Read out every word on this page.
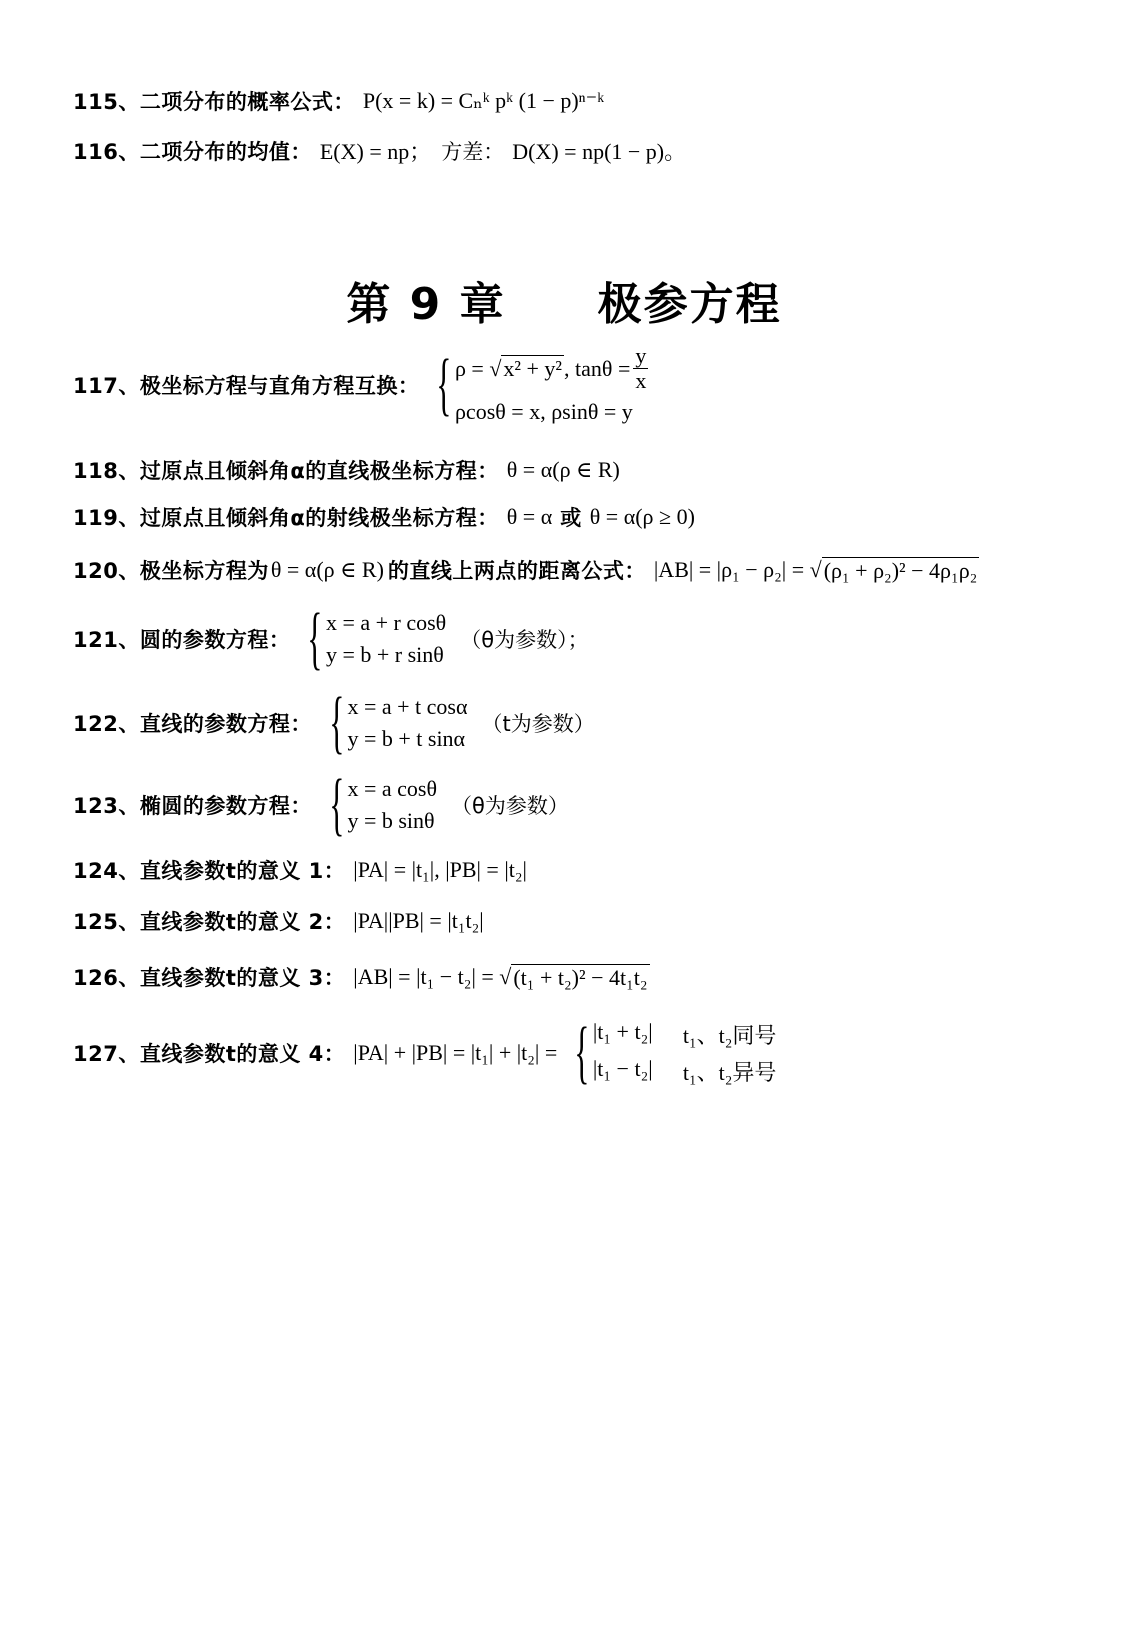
115、二项分布的概率公式： P(x = k) = Cₙᵏ pᵏ (1 − p)ⁿ⁻ᵏ
116、二项分布的均值： E(X) = np； 方差： D(X) = np(1 − p)。
第 9 章　　极参方程
117、极坐标方程与直角方程互换： { ρ = √ x² + y² , $\tan\theta = \frac{y}{x}$
ρcosθ = x, ρsinθ = y
118、过原点且倾斜角α的直线极坐标方程： θ = α(ρ ∈ R)
119、过原点且倾斜角α的射线极坐标方程： θ = α 或 θ = α(ρ ≥ 0)
120、极坐标方程为 θ = α(ρ ∈ R) 的直线上两点的距离公式： |AB| = |ρ₁ − ρ₂| = √ (ρ₁ + ρ₂)² − 4ρ₁ρ₂
121、圆的参数方程： { x = a + r cosθ
y = b + r sinθ
（θ为参数）；
122、直线的参数方程： { x = a + t cosα
y = b + t sinα
（t为参数）
123、椭圆的参数方程： { x = a cosθ
y = b sinθ
（θ为参数）
124、直线参数t的意义 1： |PA| = |t₁|, |PB| = |t₂|
125、直线参数t的意义 2： |PA||PB| = |t₁t₂|
126、直线参数t的意义 3： |AB| = |t₁ − t₂| = √ (t₁ + t₂)² − 4t₁t₂
127、直线参数t的意义 4： |PA| + |PB| = |t₁| + |t₂| = { |t₁ + t₂|	t₁、t₂同号
|t₁ − t₂|	t₁、t₂异号
